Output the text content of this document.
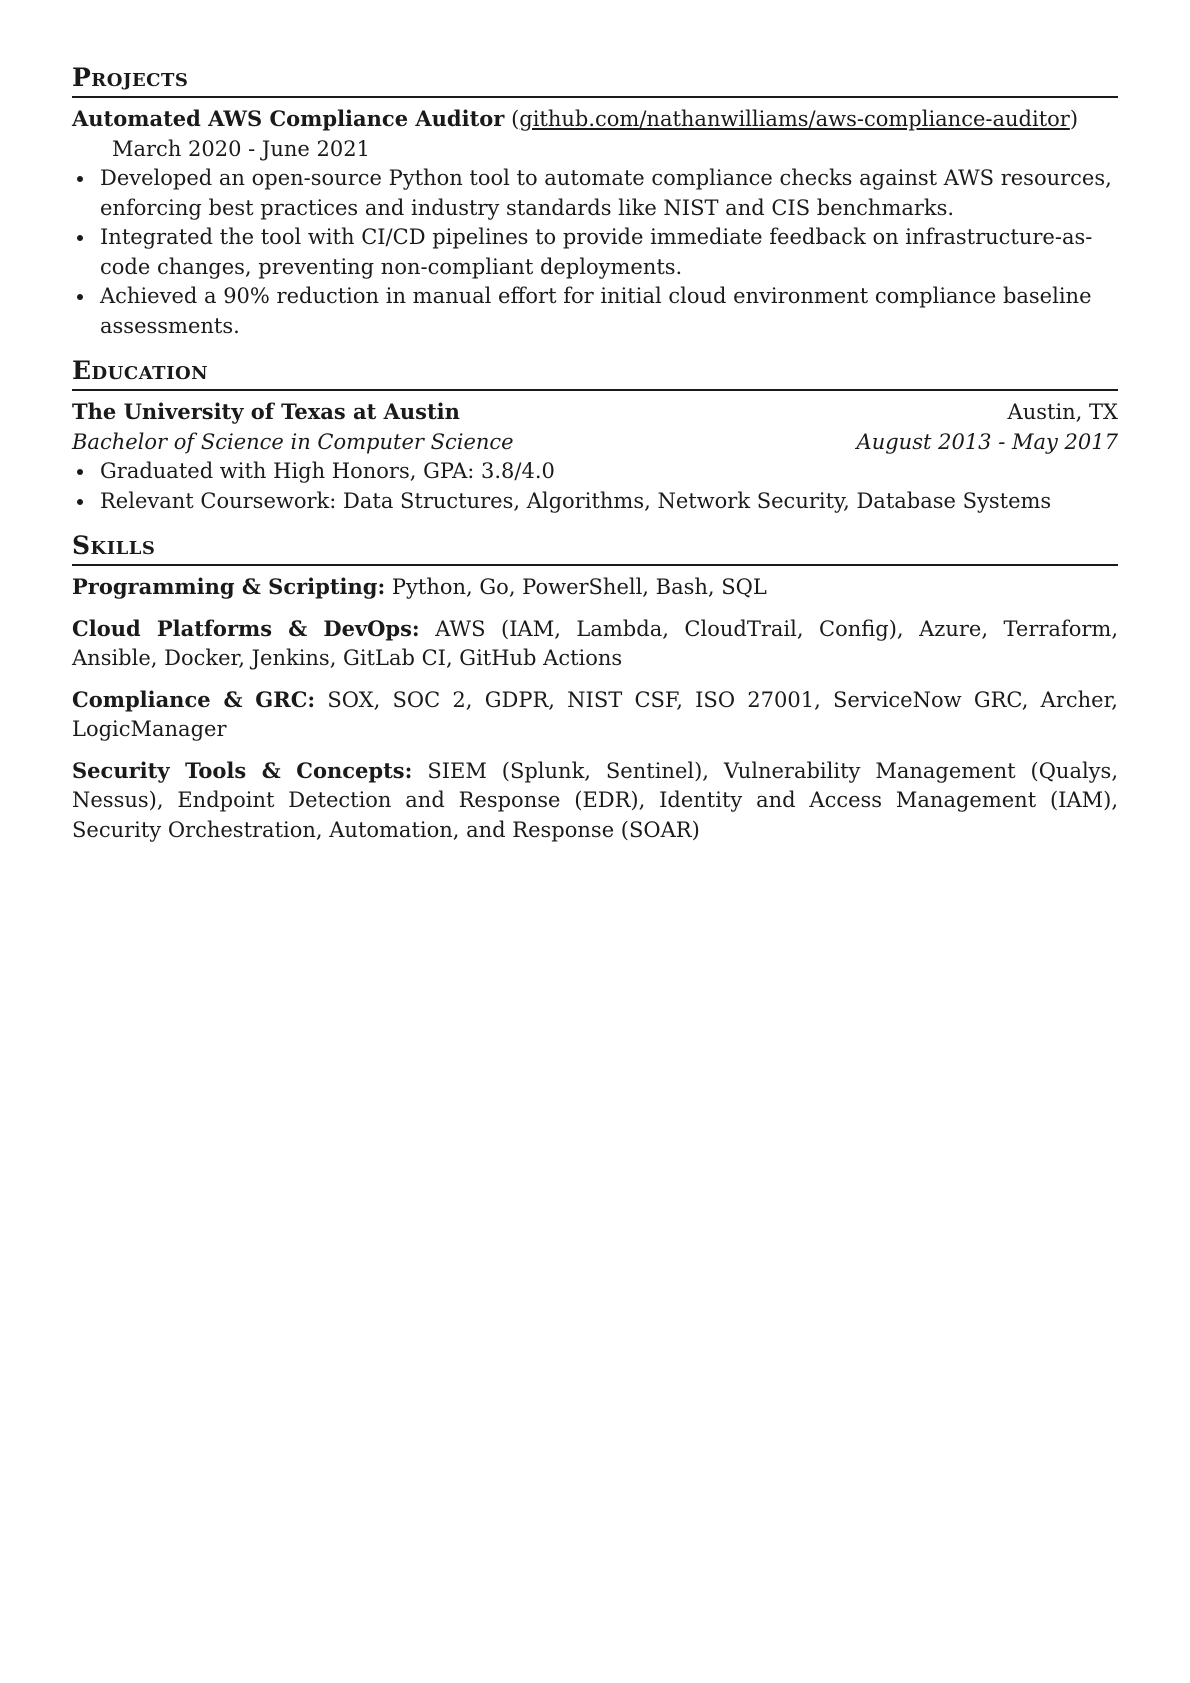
Projects
Automated AWS Compliance Auditor (github.com/nathanwilliams/aws-compliance-auditor) March 2020 - June 2021
Developed an open-source Python tool to automate compliance checks against AWS resources, enforcing best practices and industry standards like NIST and CIS benchmarks.
Integrated the tool with CI/CD pipelines to provide immediate feedback on infrastructure-as-code changes, preventing non-compliant deployments.
Achieved a 90% reduction in manual effort for initial cloud environment compliance baseline assessments.
Education
The University of Texas at Austin	Austin, TX
Bachelor of Science in Computer Science	August 2013 - May 2017
Graduated with High Honors, GPA: 3.8/4.0
Relevant Coursework: Data Structures, Algorithms, Network Security, Database Systems
Skills
Programming & Scripting: Python, Go, PowerShell, Bash, SQL
Cloud Platforms & DevOps: AWS (IAM, Lambda, CloudTrail, Config), Azure, Terraform, Ansible, Docker, Jenkins, GitLab CI, GitHub Actions
Compliance & GRC: SOX, SOC 2, GDPR, NIST CSF, ISO 27001, ServiceNow GRC, Archer, LogicManager
Security Tools & Concepts: SIEM (Splunk, Sentinel), Vulnerability Management (Qualys, Nessus), Endpoint Detection and Response (EDR), Identity and Access Management (IAM), Security Orchestration, Automation, and Response (SOAR)
